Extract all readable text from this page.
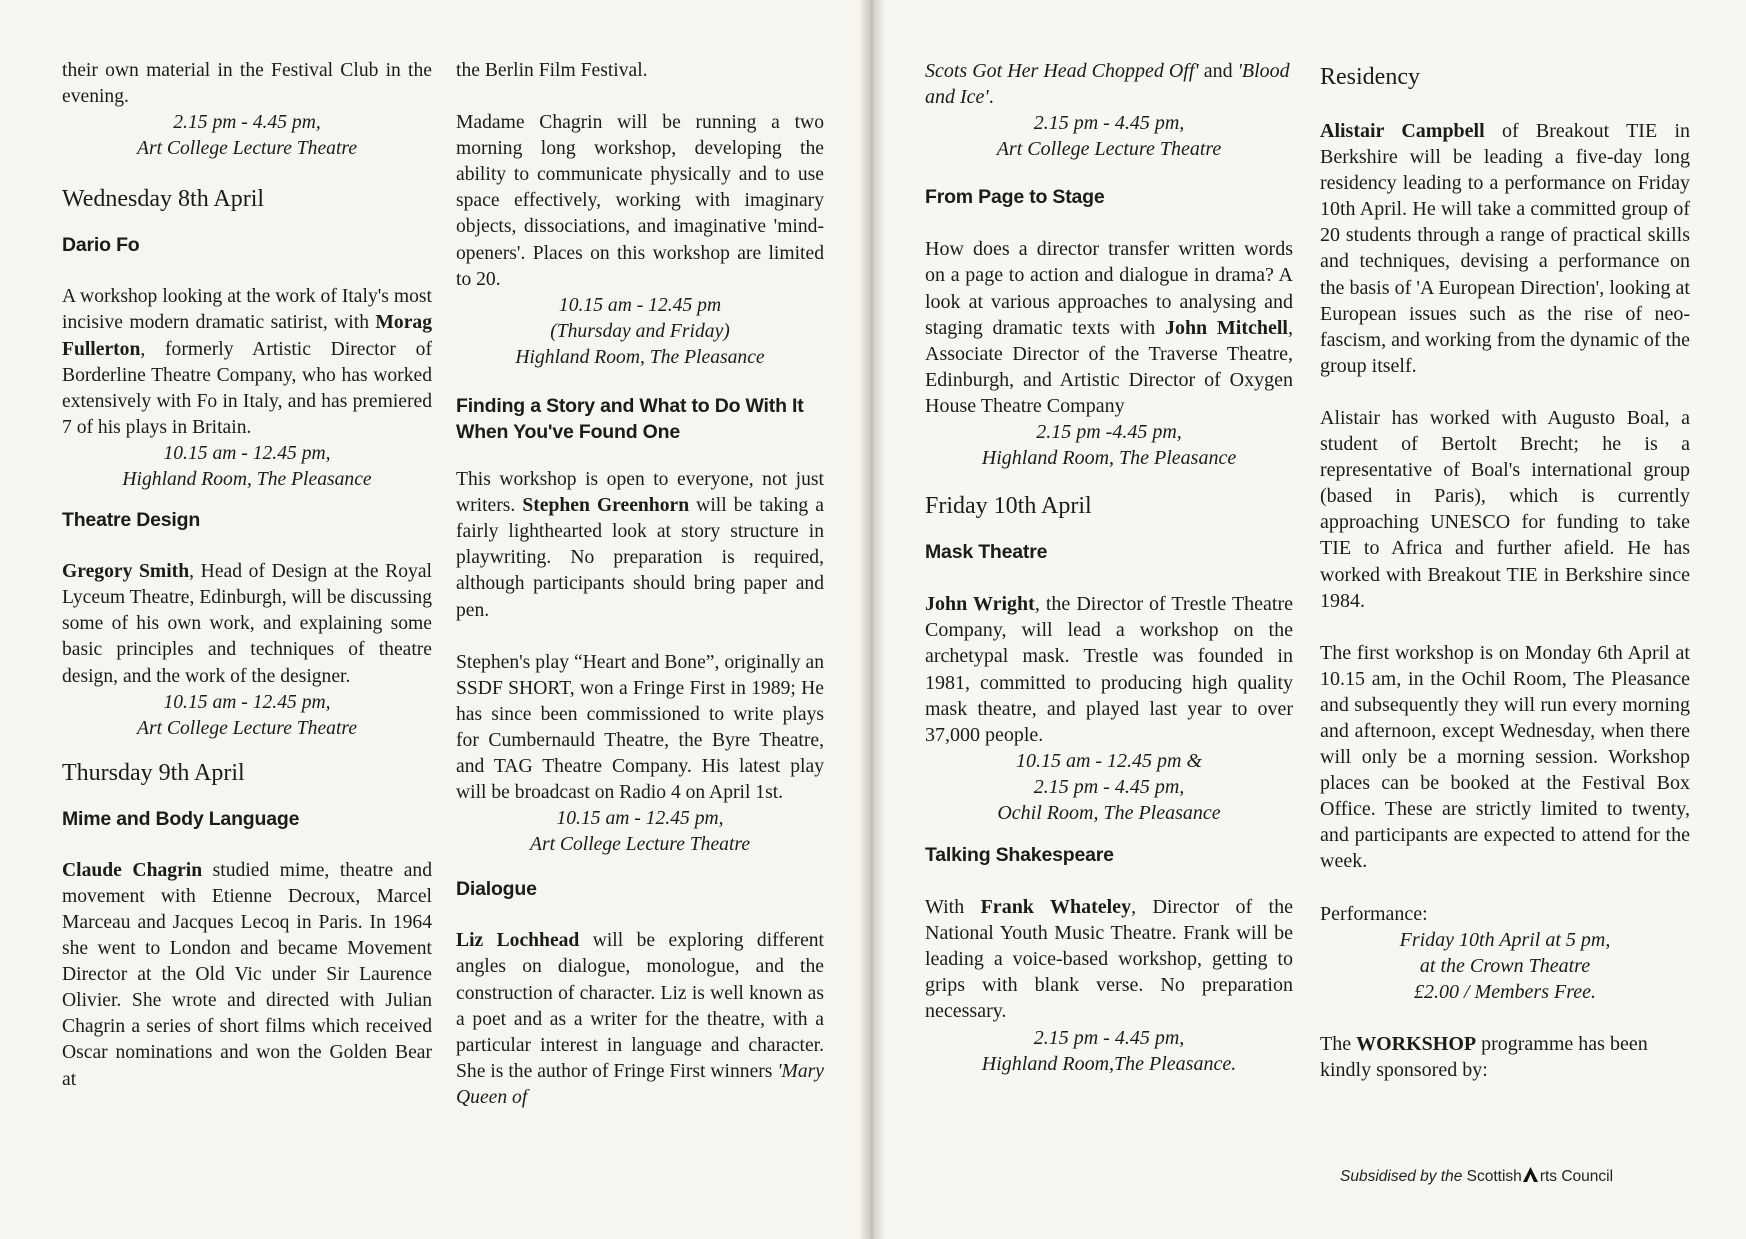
their own material in the Festival Club in the evening.

2.15 pm - 4.45 pm,

Art College Lecture Theatre

Wednesday 8th April
Dario Fo

A workshop looking at the work of Italy's most incisive modern dramatic satirist, with Morag Fullerton, formerly Artistic Director of Borderline Theatre Company, who has worked extensively with Fo in Italy, and has premiered 7 of his plays in Britain.

10.15 am - 12.45 pm,

Highland Room, The Pleasance

Theatre Design

Gregory Smith, Head of Design at the Royal Lyceum Theatre, Edinburgh, will be discussing some of his own work, and explaining some basic principles and techniques of theatre design, and the work of the designer.

10.15 am - 12.45 pm,

Art College Lecture Theatre

Thursday 9th April
Mime and Body Language

Claude Chagrin studied mime, theatre and movement with Etienne Decroux, Marcel Marceau and Jacques Lecoq in Paris. In 1964 she went to London and became Movement Director at the Old Vic under Sir Laurence Olivier. She wrote and directed with Julian Chagrin a series of short films which received Oscar nominations and won the Golden Bear at

the Berlin Film Festival.

Madame Chagrin will be running a two morning long workshop, developing the ability to communicate physically and to use space effectively, working with imaginary objects, dissociations, and imaginative 'mind-openers'. Places on this workshop are limited to 20.

10.15 am - 12.45 pm

(Thursday and Friday)

Highland Room, The Pleasance

Finding a Story and What to Do With It When You've Found One

This workshop is open to everyone, not just writers. Stephen Greenhorn will be taking a fairly lighthearted look at story structure in playwriting. No preparation is required, although participants should bring paper and pen.

Stephen's play “Heart and Bone”, originally an SSDF SHORT, won a Fringe First in 1989; He has since been commissioned to write plays for Cumbernauld Theatre, the Byre Theatre, and TAG Theatre Company. His latest play will be broadcast on Radio 4 on April 1st.

10.15 am - 12.45 pm,

Art College Lecture Theatre

Dialogue

Liz Lochhead will be exploring different angles on dialogue, monologue, and the construction of character. Liz is well known as a poet and as a writer for the theatre, with a particular interest in language and character. She is the author of Fringe First winners 'Mary Queen of

Scots Got Her Head Chopped Off' and 'Blood and Ice'.

2.15 pm - 4.45 pm,

Art College Lecture Theatre

From Page to Stage

How does a director transfer written words on a page to action and dialogue in drama? A look at various approaches to analysing and staging dramatic texts with John Mitchell, Associate Director of the Traverse Theatre, Edinburgh, and Artistic Director of Oxygen House Theatre Company

2.15 pm -4.45 pm,

Highland Room, The Pleasance

Friday 10th April
Mask Theatre

John Wright, the Director of Trestle Theatre Company, will lead a workshop on the archetypal mask. Trestle was founded in 1981, committed to producing high quality mask theatre, and played last year to over 37,000 people.

10.15 am - 12.45 pm &

2.15 pm - 4.45 pm,

Ochil Room, The Pleasance

Talking Shakespeare

With Frank Whateley, Director of the National Youth Music Theatre. Frank will be leading a voice-based workshop, getting to grips with blank verse. No preparation necessary.

2.15 pm - 4.45 pm,

Highland Room,The Pleasance.

Residency

Alistair Campbell of Breakout TIE in Berkshire will be leading a five-day long residency leading to a performance on Friday 10th April. He will take a committed group of 20 students through a range of practical skills and techniques, devising a performance on the basis of 'A European Direction', looking at European issues such as the rise of neo-fascism, and working from the dynamic of the group itself.

Alistair has worked with Augusto Boal, a student of Bertolt Brecht; he is a representative of Boal's international group (based in Paris), which is currently approaching UNESCO for funding to take TIE to Africa and further afield. He has worked with Breakout TIE in Berkshire since 1984.

The first workshop is on Monday 6th April at 10.15 am, in the Ochil Room, The Pleasance and subsequently they will run every morning and afternoon, except Wednesday, when there will only be a morning session. Workshop places can be booked at the Festival Box Office. These are strictly limited to twenty, and participants are expected to attend for the week.

Performance:

Friday 10th April at 5 pm,

at the Crown Theatre

£2.00 / Members Free.

The WORKSHOP programme has been kindly sponsored by:

Subsidised by the Scottish rts Council
